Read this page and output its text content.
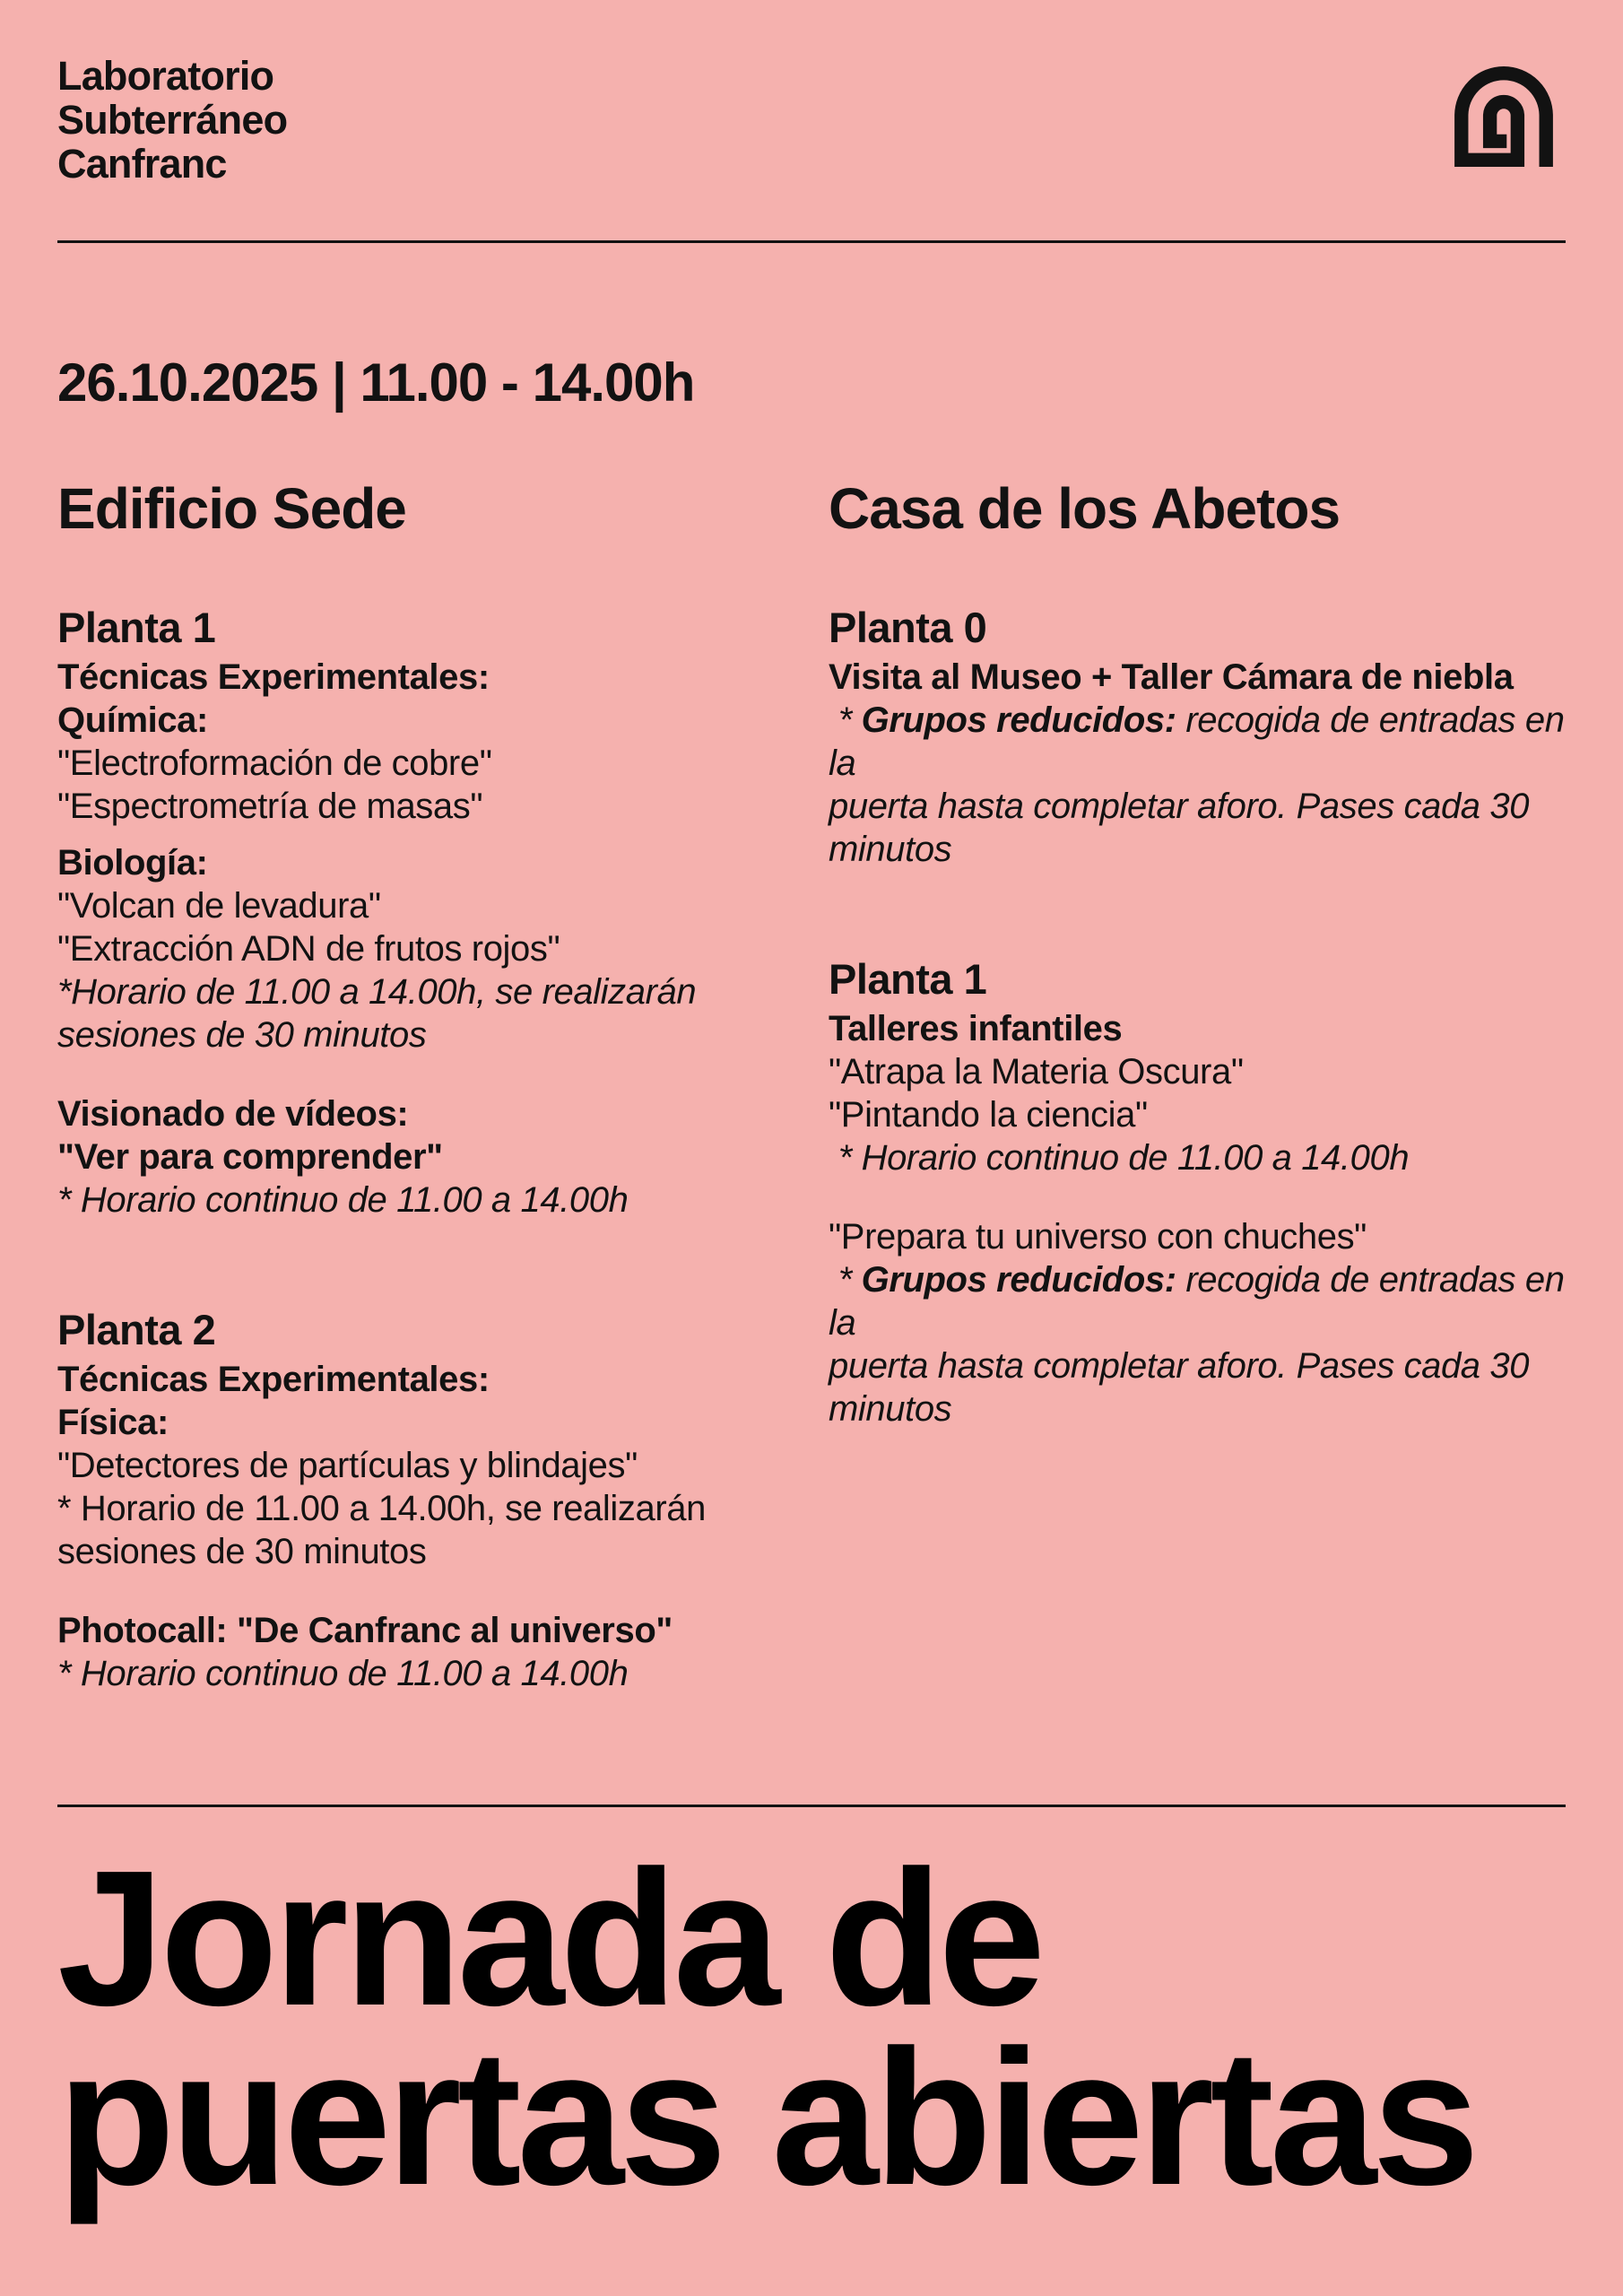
Laboratorio
Subterráneo
Canfranc
26.10.2025 | 11.00 - 14.00h
Edificio Sede
Planta 1

Técnicas Experimentales:
Química:
"Electroformación de cobre"
"Espectrometría de masas"

Biología:
"Volcan de levadura"
"Extracción ADN de frutos rojos"
*Horario de 11.00 a 14.00h, se realizarán
sesiones de 30 minutos

Visionado de vídeos:
"Ver para comprender"
* Horario continuo de 11.00 a 14.00h

Planta 2

Técnicas Experimentales:
Física:
"Detectores de partículas y blindajes"
* Horario de 11.00 a 14.00h, se realizarán
sesiones de 30 minutos

Photocall: "De Canfranc al universo"
* Horario continuo de 11.00 a 14.00h

Casa de los Abetos
Planta 0

Visita al Museo + Taller Cámara de niebla
* Grupos reducidos: recogida de entradas en la
puerta hasta completar aforo. Pases cada 30
minutos

Planta 1

Talleres infantiles
"Atrapa la Materia Oscura"
"Pintando la ciencia"
* Horario continuo de 11.00 a 14.00h

"Prepara tu universo con chuches"
* Grupos reducidos: recogida de entradas en la
puerta hasta completar aforo. Pases cada 30
minutos

Jornada de
puertas abiertas
